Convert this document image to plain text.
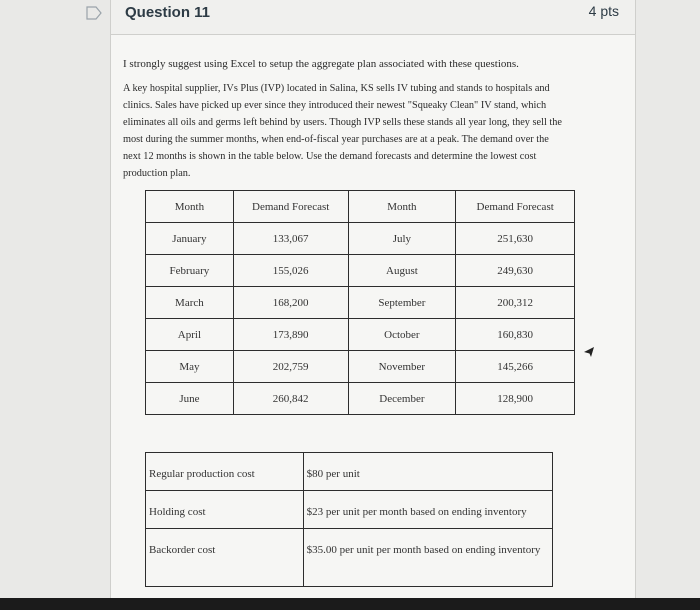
Question 11	4 pts
I strongly suggest using Excel to setup the aggregate plan associated with these questions.

A key hospital supplier, IVs Plus (IVP) located in Salina, KS sells IV tubing and stands to hospitals and

clinics. Sales have picked up ever since they introduced their newest "Squeaky Clean" IV stand, which

eliminates all oils and germs left behind by users. Though IVP sells these stands all year long, they sell the

most during the summer months, when end-of-fiscal year purchases are at a peak. The demand over the

next 12 months is shown in the table below. Use the demand forecasts and determine the lowest cost

production plan.

Month	Demand Forecast	Month	Demand Forecast
January	133,067	July	251,630
February	155,026	August	249,630
March	168,200	September	200,312
April	173,890	October	160,830
May	202,759	November	145,266
June	260,842	December	128,900
Regular production cost	$80 per unit

Holding cost	$23 per unit per month based on ending inventory

Backorder cost	$35.00 per unit per month based on ending inventory
